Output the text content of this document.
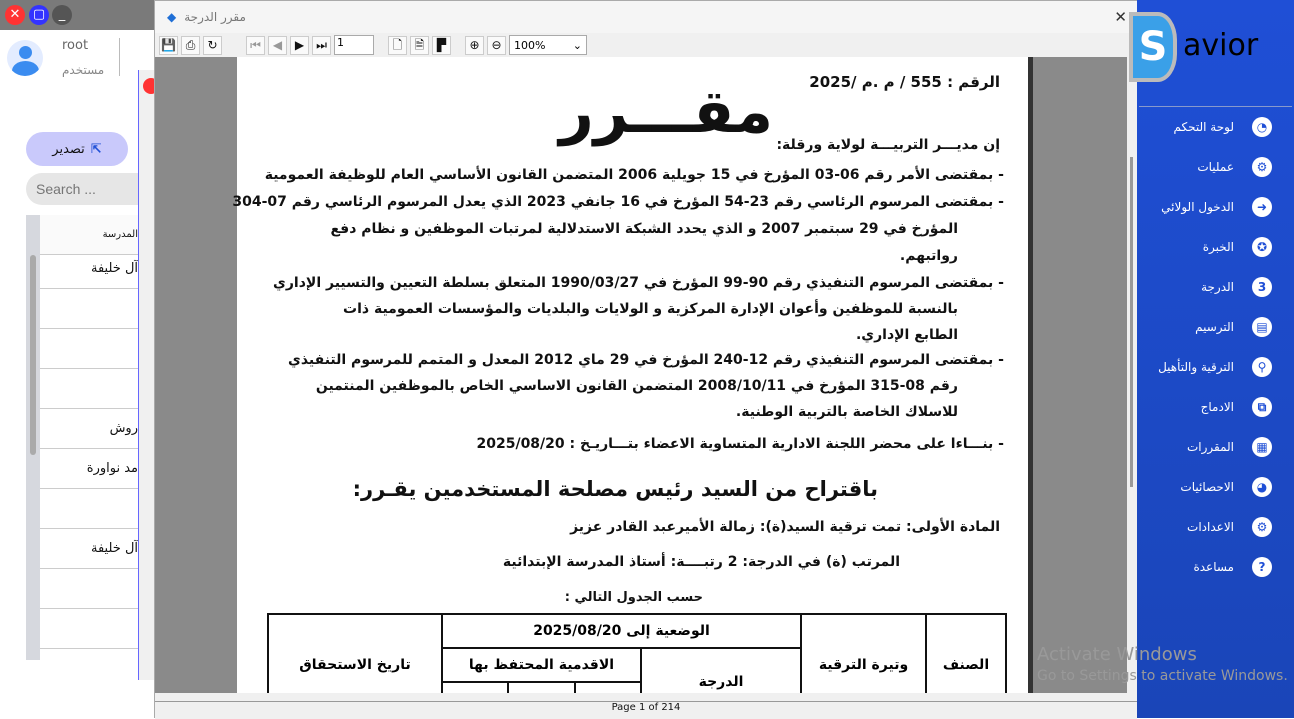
✕ ▢	_
root
مستخدم
تصدير ⇱
Search ...
المدرسة
آل خليفة
روش
مد نواورة
آل خليفة
◆ مقرر الدرجة	✕
💾 ⎙	↻	⏮ ◀	▶ ⏭ 1	🗋	🗎	▛	⊕ ⊖	100% ⌄
الرقم : 555 / م .م /2025
مقـــرر إن مديـــر التربيـــة لولاية ورقلة:
- بمقتضى الأمر رقم 06-03 المؤرخ في 15 جويلية 2006 المتضمن القانون الأساسي العام للوظيفة العمومية
- بمقتضى المرسوم الرئاسي رقم 23-54 المؤرخ في 16 جانفي 2023 الذي يعدل المرسوم الرئاسي رقم 07-304
المؤرخ في 29 سبتمبر 2007 و الذي يحدد الشبكة الاستدلالية لمرتبات الموظفين و نظام دفع
رواتبهم.
- بمقتضى المرسوم التنفيذي رقم 90-99 المؤرخ في 1990/03/27 المتعلق بسلطة التعيين والتسيير الإداري
بالنسبة للموظفين وأعوان الإدارة المركزية و الولايات والبلديات والمؤسسات العمومية ذات
الطابع الإداري.
- بمقتضى المرسوم التنفيذي رقم 12-240 المؤرخ في 29 ماي 2012 المعدل و المتمم للمرسوم التنفيذي
رقم 08-315 المؤرخ في 2008/10/11 المتضمن القانون الاساسي الخاص بالموظفين المنتمين
للاسلاك الخاصة بالتربية الوطنية.
- بنـــاءا على محضر اللجنة الادارية المتساوية الاعضاء بتـــاريـخ : 2025/08/20
باقتراح من السيد رئيس مصلحة المستخدمين يقـرر:
المادة الأولى: تمت ترقية السيد(ة): زمالة الأميرعبد القادر عزيز
المرتب (ة) في الدرجة: 2 رتبــــة: أستاذ المدرسة الإبتدائية
حسب الجدول التالي :
الصنف	وتيرة الترقية	الوضعية إلى 2025/08/20				تاريخ الاستحقاق
		الدرجة	الاقدمية المحتفظ بها			

Page 1 of 214
S avior
لوحة التحكم	◔
عمليات	⚙
الدخول الولائي	➜
الخبرة	✪
الدرجة	3
الترسيم	▤
الترقية والتأهيل	⚲
الادماج	⧉
المقررات	▦
الاحصائيات	◕
الاعدادات	⚙
مساعدة	?
Activate Windows
Go to Settings to activate Windows.
